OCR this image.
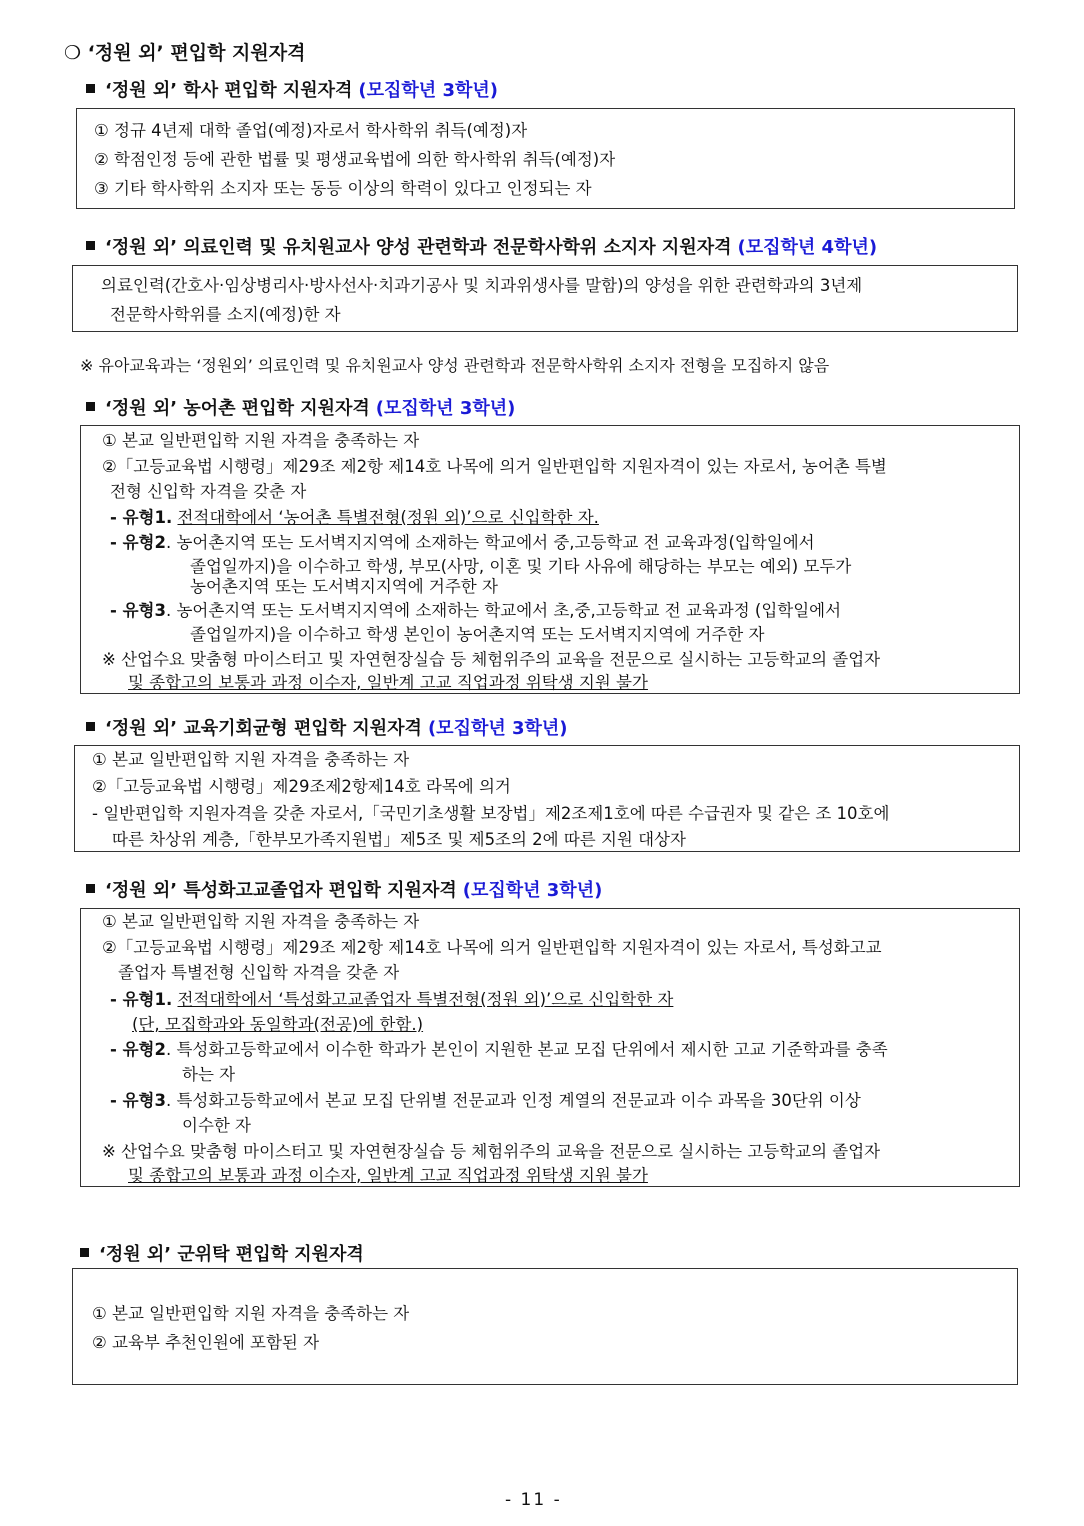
❍ ‘정원 외’ 편입학 지원자격
‘정원 외’ 학사 편입학 지원자격 (모집학년 3학년)
① 정규 4년제 대학 졸업(예정)자로서 학사학위 취득(예정)자
② 학점인정 등에 관한 법률 및 평생교육법에 의한 학사학위 취득(예정)자
③ 기타 학사학위 소지자 또는 동등 이상의 학력이 있다고 인정되는 자
‘정원 외’ 의료인력 및 유치원교사 양성 관련학과 전문학사학위 소지자 지원자격 (모집학년 4학년)
의료인력(간호사·임상병리사·방사선사·치과기공사 및 치과위생사를 말함)의 양성을 위한 관련학과의 3년제
전문학사학위를 소지(예정)한 자
※ 유아교육과는 ‘정원외’ 의료인력 및 유치원교사 양성 관련학과 전문학사학위 소지자 전형을 모집하지 않음
‘정원 외’ 농어촌 편입학 지원자격 (모집학년 3학년)
① 본교 일반편입학 지원 자격을 충족하는 자
②「고등교육법 시행령」제29조 제2항 제14호 나목에 의거 일반편입학 지원자격이 있는 자로서, 농어촌 특별
전형 신입학 자격을 갖춘 자
- 유형1. 전적대학에서 ‘농어촌 특별전형(정원 외)’으로 신입학한 자.
- 유형2. 농어촌지역 또는 도서벽지지역에 소재하는 학교에서 중,고등학교 전 교육과정(입학일에서
졸업일까지)을 이수하고 학생, 부모(사망, 이혼 및 기타 사유에 해당하는 부모는 예외) 모두가
농어촌지역 또는 도서벽지지역에 거주한 자
- 유형3. 농어촌지역 또는 도서벽지지역에 소재하는 학교에서 초,중,고등학교 전 교육과정 (입학일에서
졸업일까지)을 이수하고 학생 본인이 농어촌지역 또는 도서벽지지역에 거주한 자
※ 산업수요 맞춤형 마이스터고 및 자연현장실습 등 체험위주의 교육을 전문으로 실시하는 고등학교의 졸업자
및 종합고의 보통과 과정 이수자, 일반계 고교 직업과정 위탁생 지원 불가
‘정원 외’ 교육기회균형 편입학 지원자격 (모집학년 3학년)
① 본교 일반편입학 지원 자격을 충족하는 자
②「고등교육법 시행령」제29조제2항제14호 라목에 의거
- 일반편입학 지원자격을 갖춘 자로서,「국민기초생활 보장법」제2조제1호에 따른 수급권자 및 같은 조 10호에
따른 차상위 계층,「한부모가족지원법」제5조 및 제5조의 2에 따른 지원 대상자
‘정원 외’ 특성화고교졸업자 편입학 지원자격 (모집학년 3학년)
① 본교 일반편입학 지원 자격을 충족하는 자
②「고등교육법 시행령」제29조 제2항 제14호 나목에 의거 일반편입학 지원자격이 있는 자로서, 특성화고교
졸업자 특별전형 신입학 자격을 갖춘 자
- 유형1. 전적대학에서 ‘특성화고교졸업자 특별전형(정원 외)’으로 신입학한 자
(단, 모집학과와 동일학과(전공)에 한함.)
- 유형2. 특성화고등학교에서 이수한 학과가 본인이 지원한 본교 모집 단위에서 제시한 고교 기준학과를 충족
하는 자
- 유형3. 특성화고등학교에서 본교 모집 단위별 전문교과 인정 계열의 전문교과 이수 과목을 30단위 이상
이수한 자
※ 산업수요 맞춤형 마이스터고 및 자연현장실습 등 체험위주의 교육을 전문으로 실시하는 고등학교의 졸업자
및 종합고의 보통과 과정 이수자, 일반계 고교 직업과정 위탁생 지원 불가
‘정원 외’ 군위탁 편입학 지원자격
① 본교 일반편입학 지원 자격을 충족하는 자
② 교육부 추천인원에 포함된 자
- 11 -
